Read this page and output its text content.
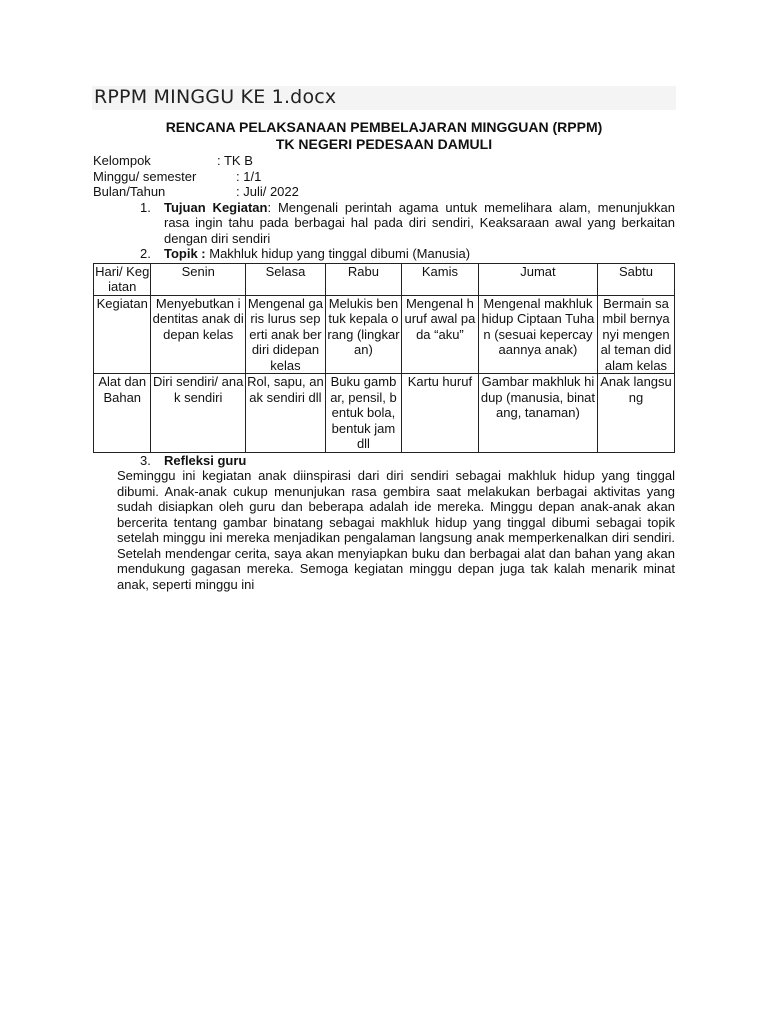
RPPM MINGGU KE 1.docx

RENCANA PELAKSANAAN PEMBELAJARAN MINGGUAN (RPPM)

TK NEGERI PEDESAAN DAMULI

Kelompok	: TK B
Minggu/ semester	: 1/1
Bulan/Tahun	: Juli/ 2022
1. Tujuan Kegiatan: Mengenali perintah agama untuk memelihara alam, menunjukkan rasa ingin tahu pada berbagai hal pada diri sendiri, Keaksaraan awal yang berkaitan dengan diri sendiri
2. Topik : Makhluk hidup yang tinggal dibumi (Manusia)
Hari/ Kegiatan	Senin	Selasa	Rabu	Kamis	Jumat	Sabtu
Kegiatan	Menyebutkan identitas anak didepan kelas	Mengenal garis lurus seperti anak berdiri didepan kelas	Melukis bentuk kepala orang (lingkaran)	Mengenal huruf awal pada “aku”	Mengenal makhluk hidup Ciptaan Tuhan (sesuai kepercayaannya anak)	Bermain sambil bernyanyi mengenal teman didalam kelas
Alat dan Bahan	Diri sendiri/ anak sendiri	Rol, sapu, anak sendiri dll	Buku gambar, pensil, bentuk bola, bentuk jam dll	Kartu huruf	Gambar makhluk hidup (manusia, binatang, tanaman)	Anak langsung
3. Refleksi guru

Seminggu ini kegiatan anak diinspirasi dari diri sendiri sebagai makhluk hidup yang tinggal dibumi. Anak-anak cukup menunjukan rasa gembira saat melakukan berbagai aktivitas yang sudah disiapkan oleh guru dan beberapa adalah ide mereka. Minggu depan anak-anak akan bercerita tentang gambar binatang sebagai makhluk hidup yang tinggal dibumi sebagai topik setelah minggu ini mereka menjadikan pengalaman langsung anak memperkenalkan diri sendiri. Setelah mendengar cerita, saya akan menyiapkan buku dan berbagai alat dan bahan yang akan mendukung gagasan mereka. Semoga kegiatan minggu depan juga tak kalah menarik minat anak, seperti minggu ini
